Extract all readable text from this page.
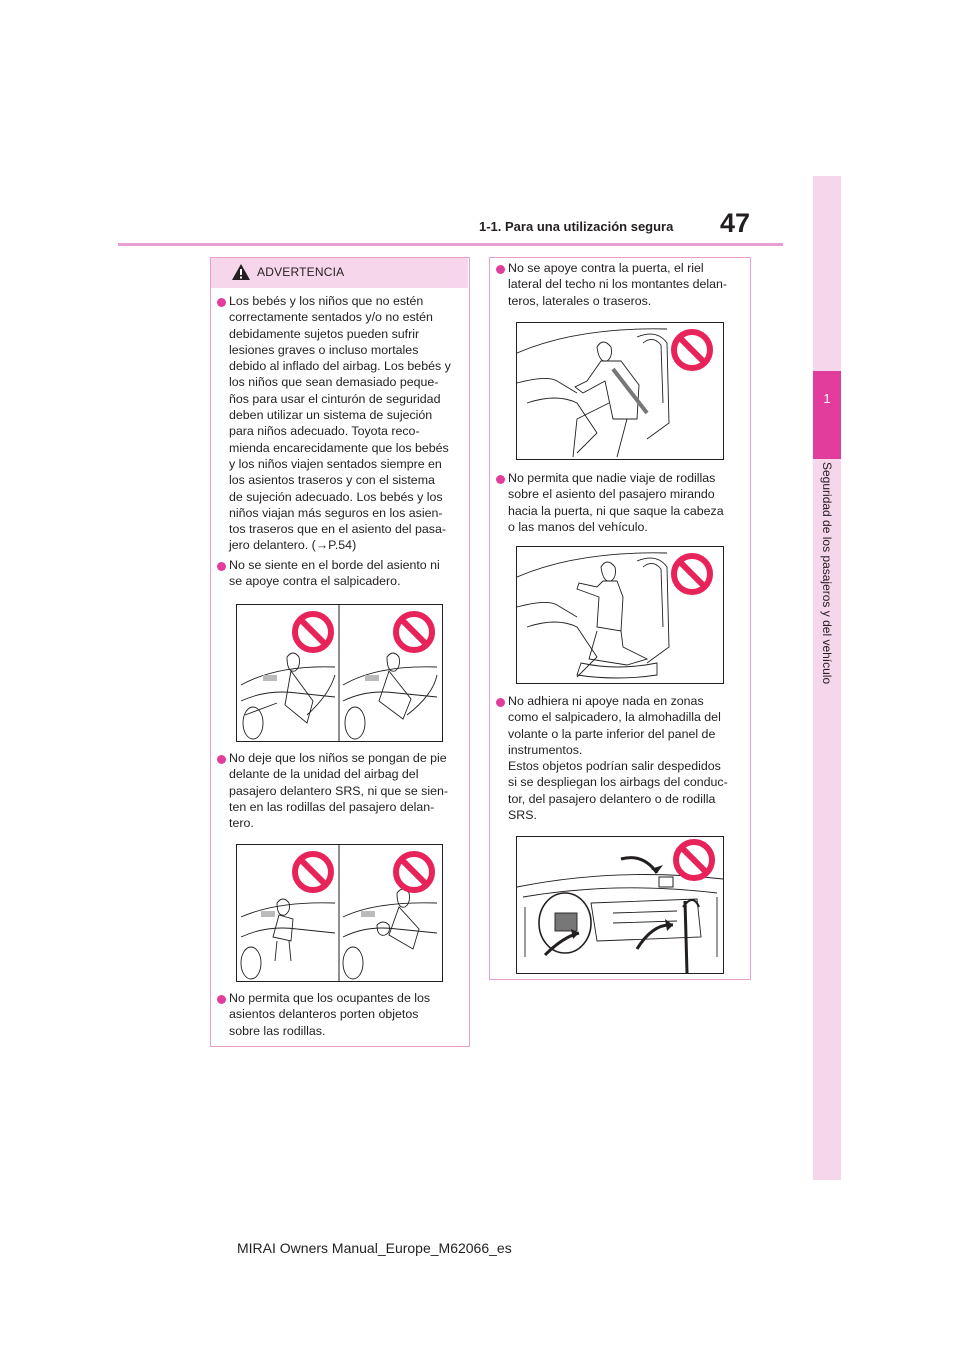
47
1-1. Para una utilización segura
1
Seguridad de los pasajeros y del vehículo
ADVERTENCIA
Los bebés y los niños que no estén
correctamente sentados y/o no estén
debidamente sujetos pueden sufrir
lesiones graves o incluso mortales
debido al inflado del airbag. Los bebés y
los niños que sean demasiado peque-
ños para usar el cinturón de seguridad
deben utilizar un sistema de sujeción
para niños adecuado. Toyota reco-
mienda encarecidamente que los bebés
y los niños viajen sentados siempre en
los asientos traseros y con el sistema
de sujeción adecuado. Los bebés y los
niños viajan más seguros en los asien-
tos traseros que en el asiento del pasa-
jero delantero. (→P.54)
No se siente en el borde del asiento ni
se apoye contra el salpicadero.
No deje que los niños se pongan de pie
delante de la unidad del airbag del
pasajero delantero SRS, ni que se sien-
ten en las rodillas del pasajero delan-
tero.
No permita que los ocupantes de los
asientos delanteros porten objetos
sobre las rodillas.
No se apoye contra la puerta, el riel
lateral del techo ni los montantes delan-
teros, laterales o traseros.
No permita que nadie viaje de rodillas
sobre el asiento del pasajero mirando
hacia la puerta, ni que saque la cabeza
o las manos del vehículo.
No adhiera ni apoye nada en zonas
como el salpicadero, la almohadilla del
volante o la parte inferior del panel de
instrumentos.
Estos objetos podrían salir despedidos
si se despliegan los airbags del conduc-
tor, del pasajero delantero o de rodilla
SRS.
MIRAI Owners Manual_Europe_M62066_es
